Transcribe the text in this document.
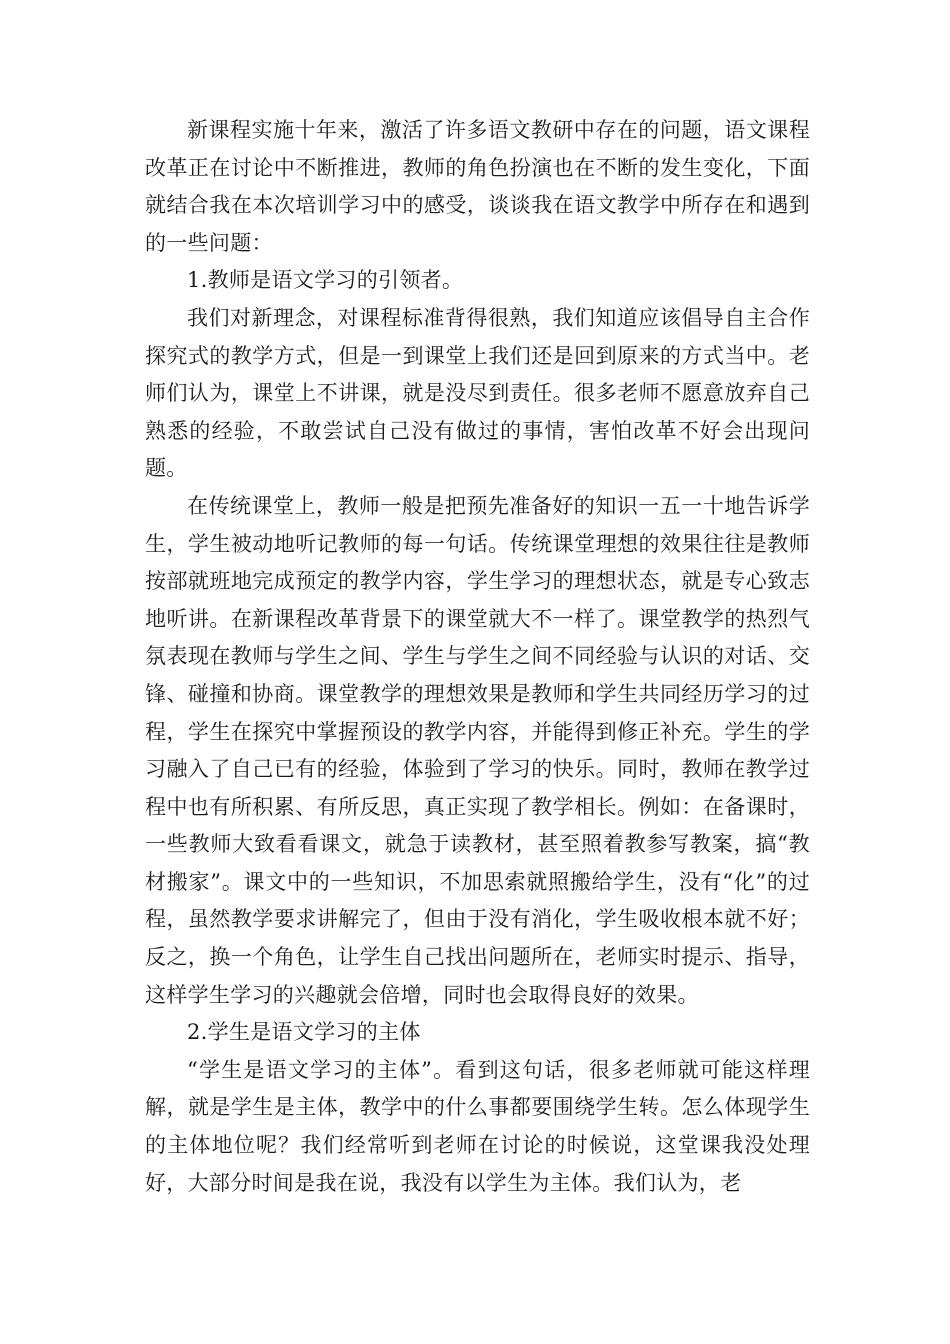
新课程实施十年来，激活了许多语文教研中存在的问题，语文课程改革正在讨论中不断推进，教师的角色扮演也在不断的发生变化，下面就结合我在本次培训学习中的感受，谈谈我在语文教学中所存在和遇到的一些问题：

1.教师是语文学习的引领者。

我们对新理念，对课程标准背得很熟，我们知道应该倡导自主合作探究式的教学方式，但是一到课堂上我们还是回到原来的方式当中。老师们认为，课堂上不讲课，就是没尽到责任。很多老师不愿意放弃自己熟悉的经验，不敢尝试自己没有做过的事情，害怕改革不好会出现问题。

在传统课堂上，教师一般是把预先准备好的知识一五一十地告诉学生，学生被动地听记教师的每一句话。传统课堂理想的效果往往是教师按部就班地完成预定的教学内容，学生学习的理想状态，就是专心致志地听讲。在新课程改革背景下的课堂就大不一样了。课堂教学的热烈气氛表现在教师与学生之间、学生与学生之间不同经验与认识的对话、交锋、碰撞和协商。课堂教学的理想效果是教师和学生共同经历学习的过程，学生在探究中掌握预设的教学内容，并能得到修正补充。学生的学习融入了自己已有的经验，体验到了学习的快乐。同时，教师在教学过程中也有所积累、有所反思，真正实现了教学相长。例如：在备课时，一些教师大致看看课文，就急于读教材，甚至照着教参写教案，搞“教材搬家”。课文中的一些知识，不加思索就照搬给学生，没有“化”的过程，虽然教学要求讲解完了，但由于没有消化，学生吸收根本就不好；反之，换一个角色，让学生自己找出问题所在，老师实时提示、指导，这样学生学习的兴趣就会倍增，同时也会取得良好的效果。

2.学生是语文学习的主体

“学生是语文学习的主体”。看到这句话，很多老师就可能这样理解，就是学生是主体，教学中的什么事都要围绕学生转。怎么体现学生的主体地位呢？我们经常听到老师在讨论的时候说，这堂课我没处理好，大部分时间是我在说，我没有以学生为主体。我们认为，老
